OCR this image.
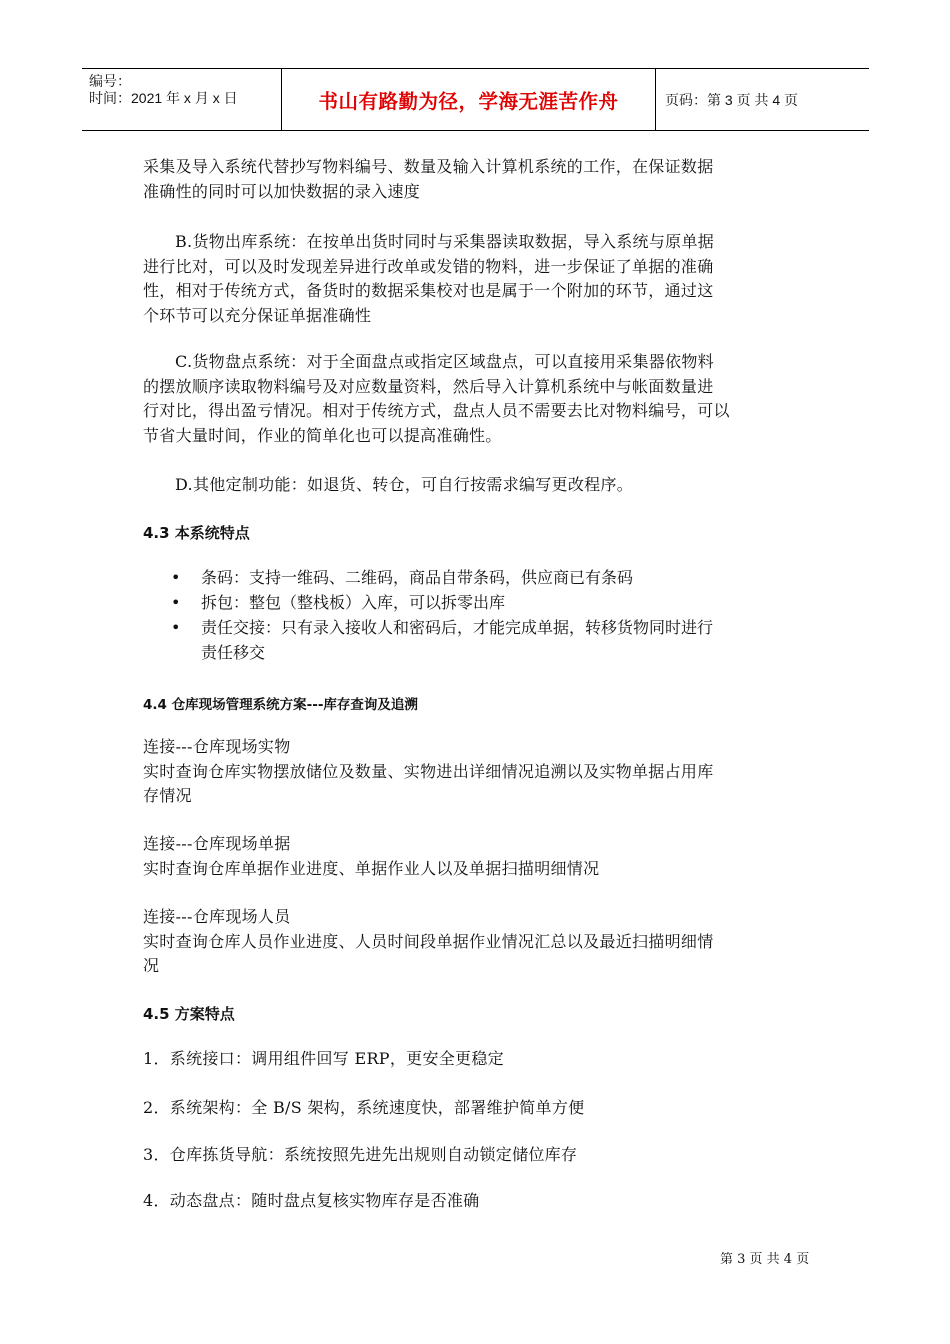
编号：
时间：2021 年 x 月 x 日	书山有路勤为径，学海无涯苦作舟	页码：第 3 页 共 4 页
采集及导入系统代替抄写物料编号、数量及输入计算机系统的工作，在保证数据
准确性的同时可以加快数据的录入速度
B.货物出库系统：在按单出货时同时与采集器读取数据，导入系统与原单据
进行比对，可以及时发现差异进行改单或发错的物料，进一步保证了单据的准确
性，相对于传统方式，备货时的数据采集校对也是属于一个附加的环节，通过这
个环节可以充分保证单据准确性
C.货物盘点系统：对于全面盘点或指定区域盘点，可以直接用采集器依物料
的摆放顺序读取物料编号及对应数量资料，然后导入计算机系统中与帐面数量进
行对比，得出盈亏情况。相对于传统方式，盘点人员不需要去比对物料编号，可以
节省大量时间，作业的简单化也可以提高准确性。
D.其他定制功能：如退货、转仓，可自行按需求编写更改程序。
4.3 本系统特点
• 条码：支持一维码、二维码，商品自带条码，供应商已有条码
• 拆包：整包（整栈板）入库，可以拆零出库
• 责任交接：只有录入接收人和密码后，才能完成单据，转移货物同时进行
责任移交
4.4 仓库现场管理系统方案---库存查询及追溯
连接---仓库现场实物
实时查询仓库实物摆放储位及数量、实物进出详细情况追溯以及实物单据占用库
存情况
连接---仓库现场单据
实时查询仓库单据作业进度、单据作业人以及单据扫描明细情况
连接---仓库现场人员
实时查询仓库人员作业进度、人员时间段单据作业情况汇总以及最近扫描明细情
况
4.5 方案特点
1．系统接口：调用组件回写 ERP，更安全更稳定
2．系统架构：全 B/S 架构，系统速度快，部署维护简单方便
3．仓库拣货导航：系统按照先进先出规则自动锁定储位库存
4．动态盘点：随时盘点复核实物库存是否准确
第 3 页 共 4 页
